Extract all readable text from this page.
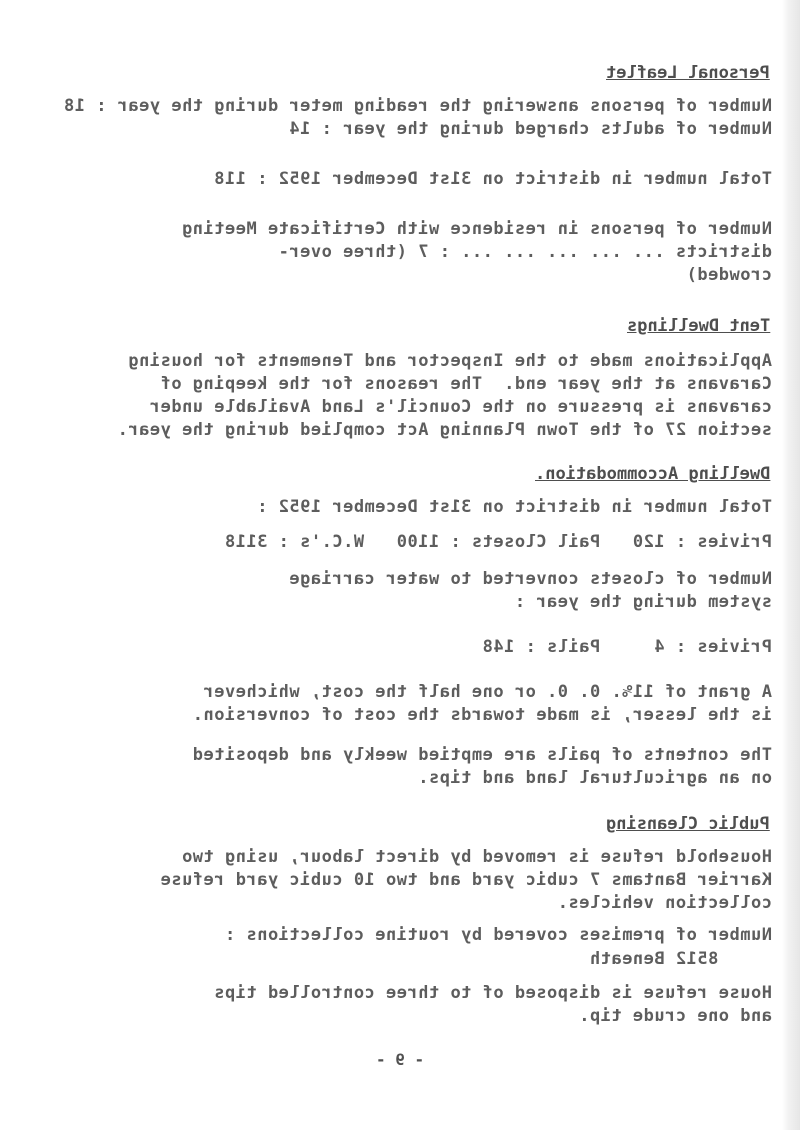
Personal Leaflet
Number of persons answering the reading meter during the year : 18
Number of adults charged during the year : 14
Total number in district on 31st December 1952 : 118
Number of persons in residence with Certificate Meeting
districts ... ... ... ... ... : 7 (three over-
crowded)
Tent Dwellings
Applications made to the Inspector and Tenements for housing
Caravans at the year end.  The reasons for the keeping of
caravans is pressure on the Council's Land Available under
section 27 of the Town Planning Act complied during the year.
Dwelling Accommodation.
Total number in district on 31st December 1952 :
Privies : 120   Pail Closets : 1100   W.C.'s : 3118
Number of closets converted to water carriage
system during the year :
Privies : 4     Pails : 148
A grant of 11%. 0. 0. or one half the cost, whichever
is the lesser, is made towards the cost of conversion.
The contents of pails are emptied weekly and deposited
on an agricultural land and tips.
Public Cleansing
Household refuse is removed by direct labour, using two
Karrier Bantams 7 cubic yard and two 10 cubic yard refuse
collection vehicles.
Number of premises covered by routine collections :
8512 Beneath
House refuse is disposed of to three controlled tips
and one crude tip.
- 9 -
